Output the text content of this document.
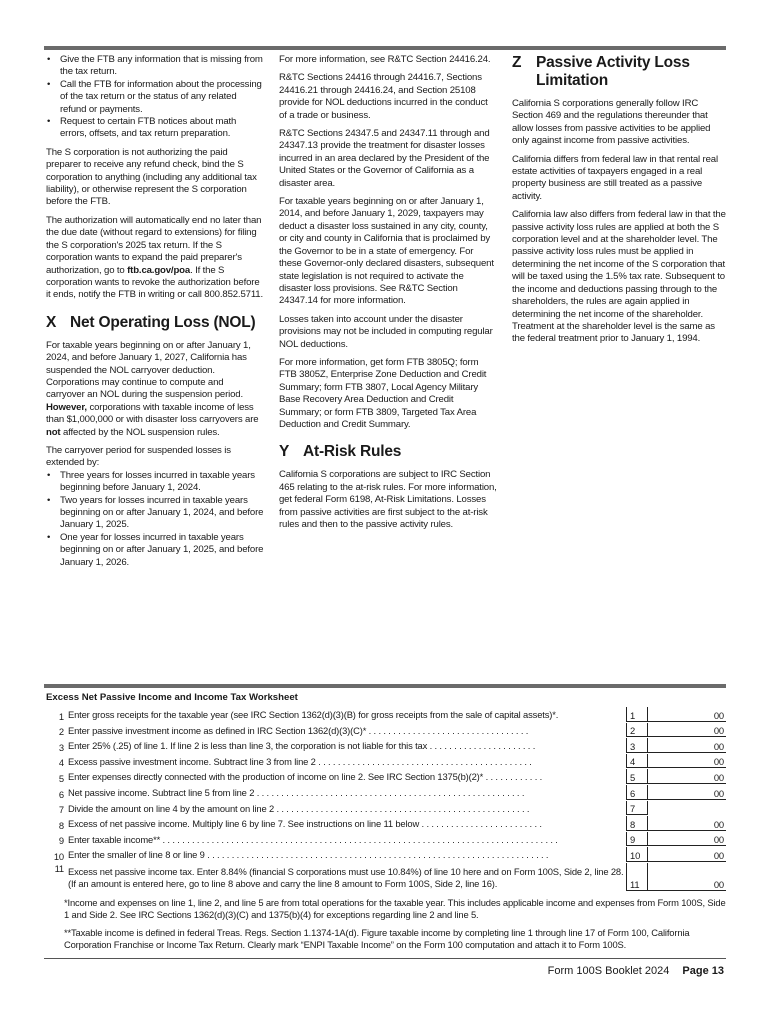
• Give the FTB any information that is missing from the tax return.
• Call the FTB for information about the processing of the tax return or the status of any related refund or payments.
• Request to certain FTB notices about math errors, offsets, and tax return preparation.

The S corporation is not authorizing the paid preparer to receive any refund check, bind the S corporation to anything (including any additional tax liability), or otherwise represent the S corporation before the FTB.

The authorization will automatically end no later than the due date (without regard to extensions) for filing the S corporation's 2025 tax return. If the S corporation wants to expand the paid preparer's authorization, go to ftb.ca.gov/poa. If the S corporation wants to revoke the authorization before it ends, notify the FTB in writing or call 800.852.5711.

X Net Operating Loss (NOL)

For taxable years beginning on or after January 1, 2024, and before January 1, 2027, California has suspended the NOL carryover deduction. Corporations may continue to compute and carryover an NOL during the suspension period. However, corporations with taxable income of less than $1,000,000 or with disaster loss carryovers are not affected by the NOL suspension rules.

The carryover period for suspended losses is extended by:

• Three years for losses incurred in taxable years beginning before January 1, 2024.
• Two years for losses incurred in taxable years beginning on or after January 1, 2024, and before January 1, 2025.
• One year for losses incurred in taxable years beginning on or after January 1, 2025, and before January 1, 2026.

For more information, see R&TC Section 24416.24.

R&TC Sections 24416 through 24416.7, Sections 24416.21 through 24416.24, and Section 25108 provide for NOL deductions incurred in the conduct of a trade or business.

R&TC Sections 24347.5 and 24347.11 through and 24347.13 provide the treatment for disaster losses incurred in an area declared by the President of the United States or the Governor of California as a disaster area.

For taxable years beginning on or after January 1, 2014, and before January 1, 2029, taxpayers may deduct a disaster loss sustained in any city, county, or city and county in California that is proclaimed by the Governor to be in a state of emergency. For these Governor-only declared disasters, subsequent state legislation is not required to activate the disaster loss provisions. See R&TC Section 24347.14 for more information.

Losses taken into account under the disaster provisions may not be included in computing regular NOL deductions.

For more information, get form FTB 3805Q; form FTB 3805Z, Enterprise Zone Deduction and Credit Summary; form FTB 3807, Local Agency Military Base Recovery Area Deduction and Credit Summary; or form FTB 3809, Targeted Tax Area Deduction and Credit Summary.

Y At-Risk Rules

California S corporations are subject to IRC Section 465 relating to the at-risk rules. For more information, get federal Form 6198, At-Risk Limitations. Losses from passive activities are first subject to the at-risk rules and then to the passive activity rules.

Z Passive Activity Loss Limitation

California S corporations generally follow IRC Section 469 and the regulations thereunder that allow losses from passive activities to be applied only against income from passive activities.

California differs from federal law in that rental real estate activities of taxpayers engaged in a real property business are still treated as a passive activity.

California law also differs from federal law in that the passive activity loss rules are applied at both the S corporation level and at the shareholder level. The passive activity loss rules must be applied in determining the net income of the S corporation that will be taxed using the 1.5% tax rate. Subsequent to the income and deductions passing through to the shareholders, the rules are again applied in determining the net income of the shareholder. Treatment at the shareholder level is the same as the federal treatment prior to January 1, 1994.

Excess Net Passive Income and Income Tax Worksheet
1 Enter gross receipts for the taxable year (see IRC Section 1362(d)(3)(B) for gross receipts from the sale of capital assets)*.	1	00
2 Enter passive investment income as defined in IRC Section 1362(d)(3)(C)* . . . . . . . . . . . . . . . . . . . . . . . . . . . . . . . . .	2	00
3 Enter 25% (.25) of line 1. If line 2 is less than line 3, the corporation is not liable for this tax . . . . . . . . . . . . . . . . . . . . . .	3	00
4 Excess passive investment income. Subtract line 3 from line 2 . . . . . . . . . . . . . . . . . . . . . . . . . . . . . . . . . . . . . . . . . . . .	4	00
5 Enter expenses directly connected with the production of income on line 2. See IRC Section 1375(b)(2)* . . . . . . . . . . . .	5	00
6 Net passive income. Subtract line 5 from line 2 . . . . . . . . . . . . . . . . . . . . . . . . . . . . . . . . . . . . . . . . . . . . . . . . . . . . . . .	6	00
7 Divide the amount on line 4 by the amount on line 2 . . . . . . . . . . . . . . . . . . . . . . . . . . . . . . . . . . . . . . . . . . . . . . . . . . . .	7
8 Excess of net passive income. Multiply line 6 by line 7. See instructions on line 11 below . . . . . . . . . . . . . . . . . . . . . . . . .	8	00
9 Enter taxable income** . . . . . . . . . . . . . . . . . . . . . . . . . . . . . . . . . . . . . . . . . . . . . . . . . . . . . . . . . . . . . . . . . . . . . . . . . . . . . . . . .	9	00
10 Enter the smaller of line 8 or line 9 . . . . . . . . . . . . . . . . . . . . . . . . . . . . . . . . . . . . . . . . . . . . . . . . . . . . . . . . . . . . . . . . . . . . . .	10	00
11 Excess net passive income tax. Enter 8.84% (financial S corporations must use 10.84%) of line 10 here and on Form 100S, Side 2, line 28. (If an amount is entered here, go to line 8 above and carry the line 8 amount to Form 100S, Side 2, line 16).	11	00

*Income and expenses on line 1, line 2, and line 5 are from total operations for the taxable year. This includes applicable income and expenses from Form 100S, Side 1 and Side 2. See IRC Sections 1362(d)(3)(C) and 1375(b)(4) for exceptions regarding line 2 and line 5.

**Taxable income is defined in federal Treas. Regs. Section 1.1374-1A(d). Figure taxable income by completing line 1 through line 17 of Form 100, California Corporation Franchise or Income Tax Return. Clearly mark “ENPI Taxable Income” on the Form 100 computation and attach it to Form 100S.

Form 100S Booklet 2024 Page 13
